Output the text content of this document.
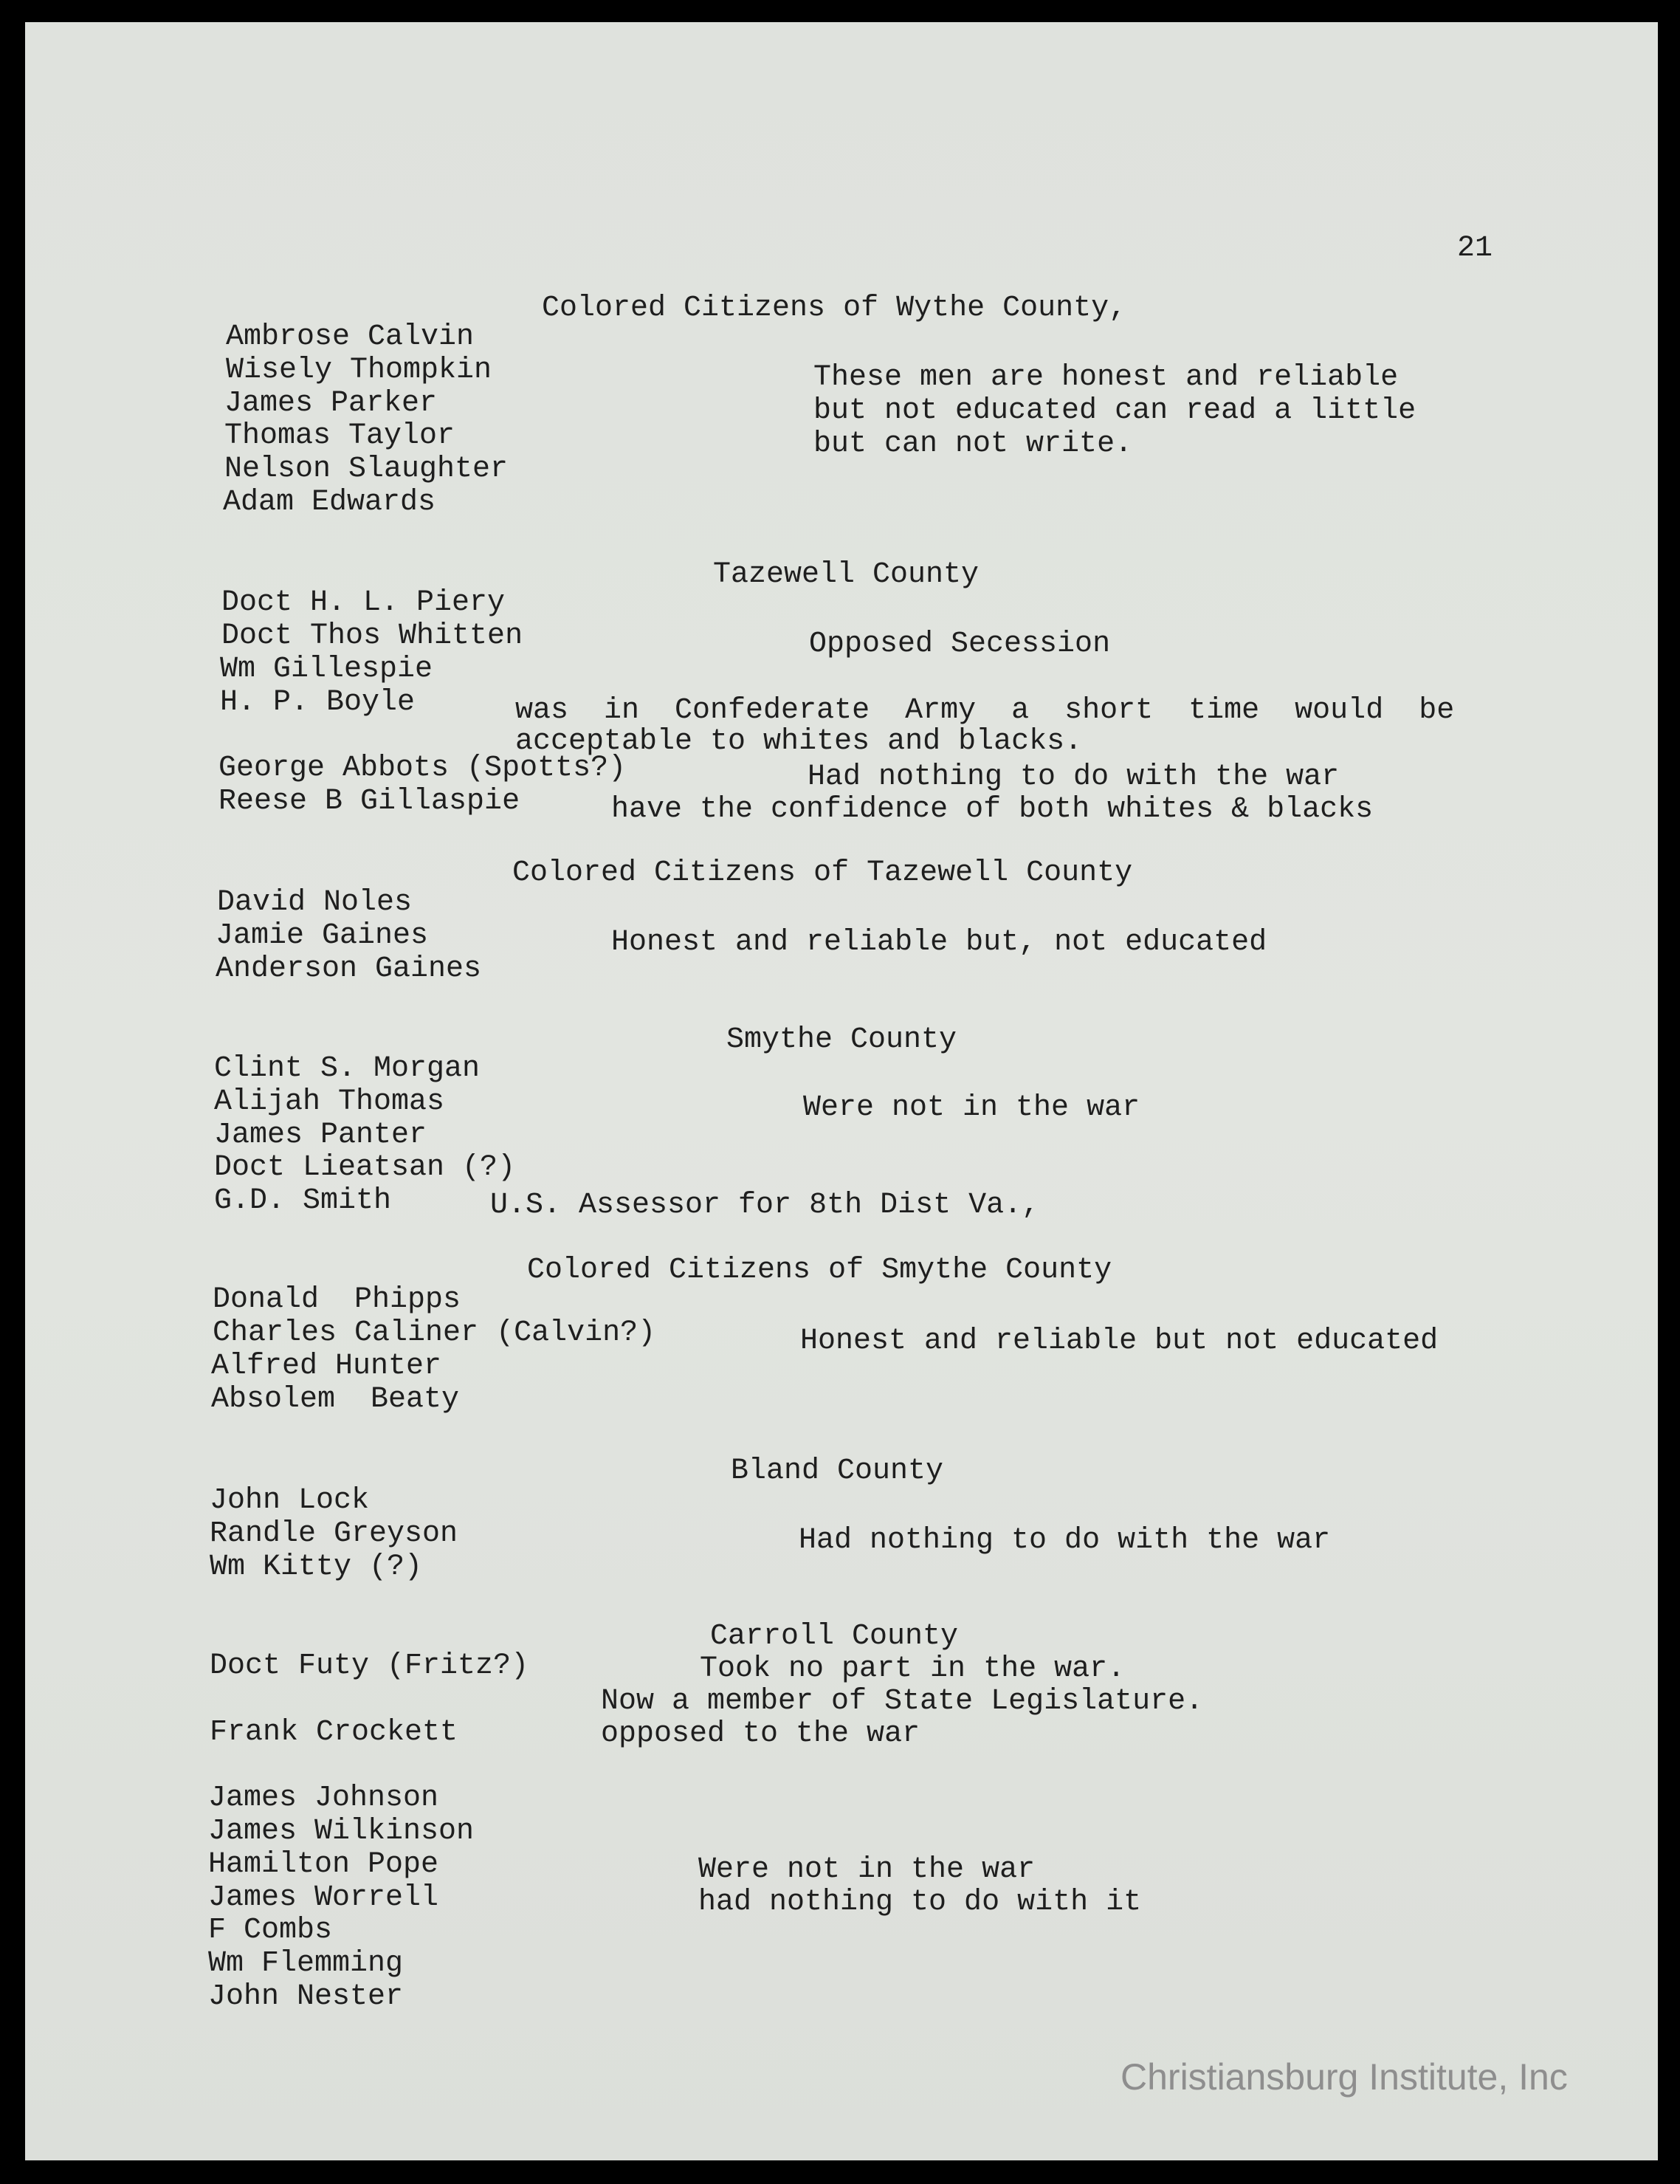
21
Colored Citizens of Wythe County,
Ambrose Calvin
Wisely Thompkin
James Parker
Thomas Taylor
Nelson Slaughter
Adam Edwards
These men are honest and reliable
but not educated can read a little
but can not write.
Tazewell County
Doct H. L. Piery
Doct Thos Whitten
Wm Gillespie
H. P. Boyle
George Abbots (Spotts?)
Reese B Gillaspie
Opposed Secession
was  in  Confederate  Army  a  short  time  would  be
acceptable to whites and blacks.
Had nothing to do with the war
have the confidence of both whites & blacks
Colored Citizens of Tazewell County
David Noles
Jamie Gaines
Anderson Gaines
Honest and reliable but, not educated
Smythe County
Clint S. Morgan
Alijah Thomas
James Panter
Doct Lieatsan (?)
G.D. Smith
Were not in the war
U.S. Assessor for 8th Dist Va.,
Colored Citizens of Smythe County
Donald  Phipps
Charles Caliner (Calvin?)
Alfred Hunter
Absolem  Beaty
Honest and reliable but not educated
Bland County
John Lock
Randle Greyson
Wm Kitty (?)
Had nothing to do with the war
Carroll County
Doct Futy (Fritz?)
Frank Crockett
James Johnson
James Wilkinson
Hamilton Pope
James Worrell
F Combs
Wm Flemming
John Nester
Took no part in the war.
Now a member of State Legislature.
opposed to the war
Were not in the war
had nothing to do with it
Christiansburg Institute, Inc
